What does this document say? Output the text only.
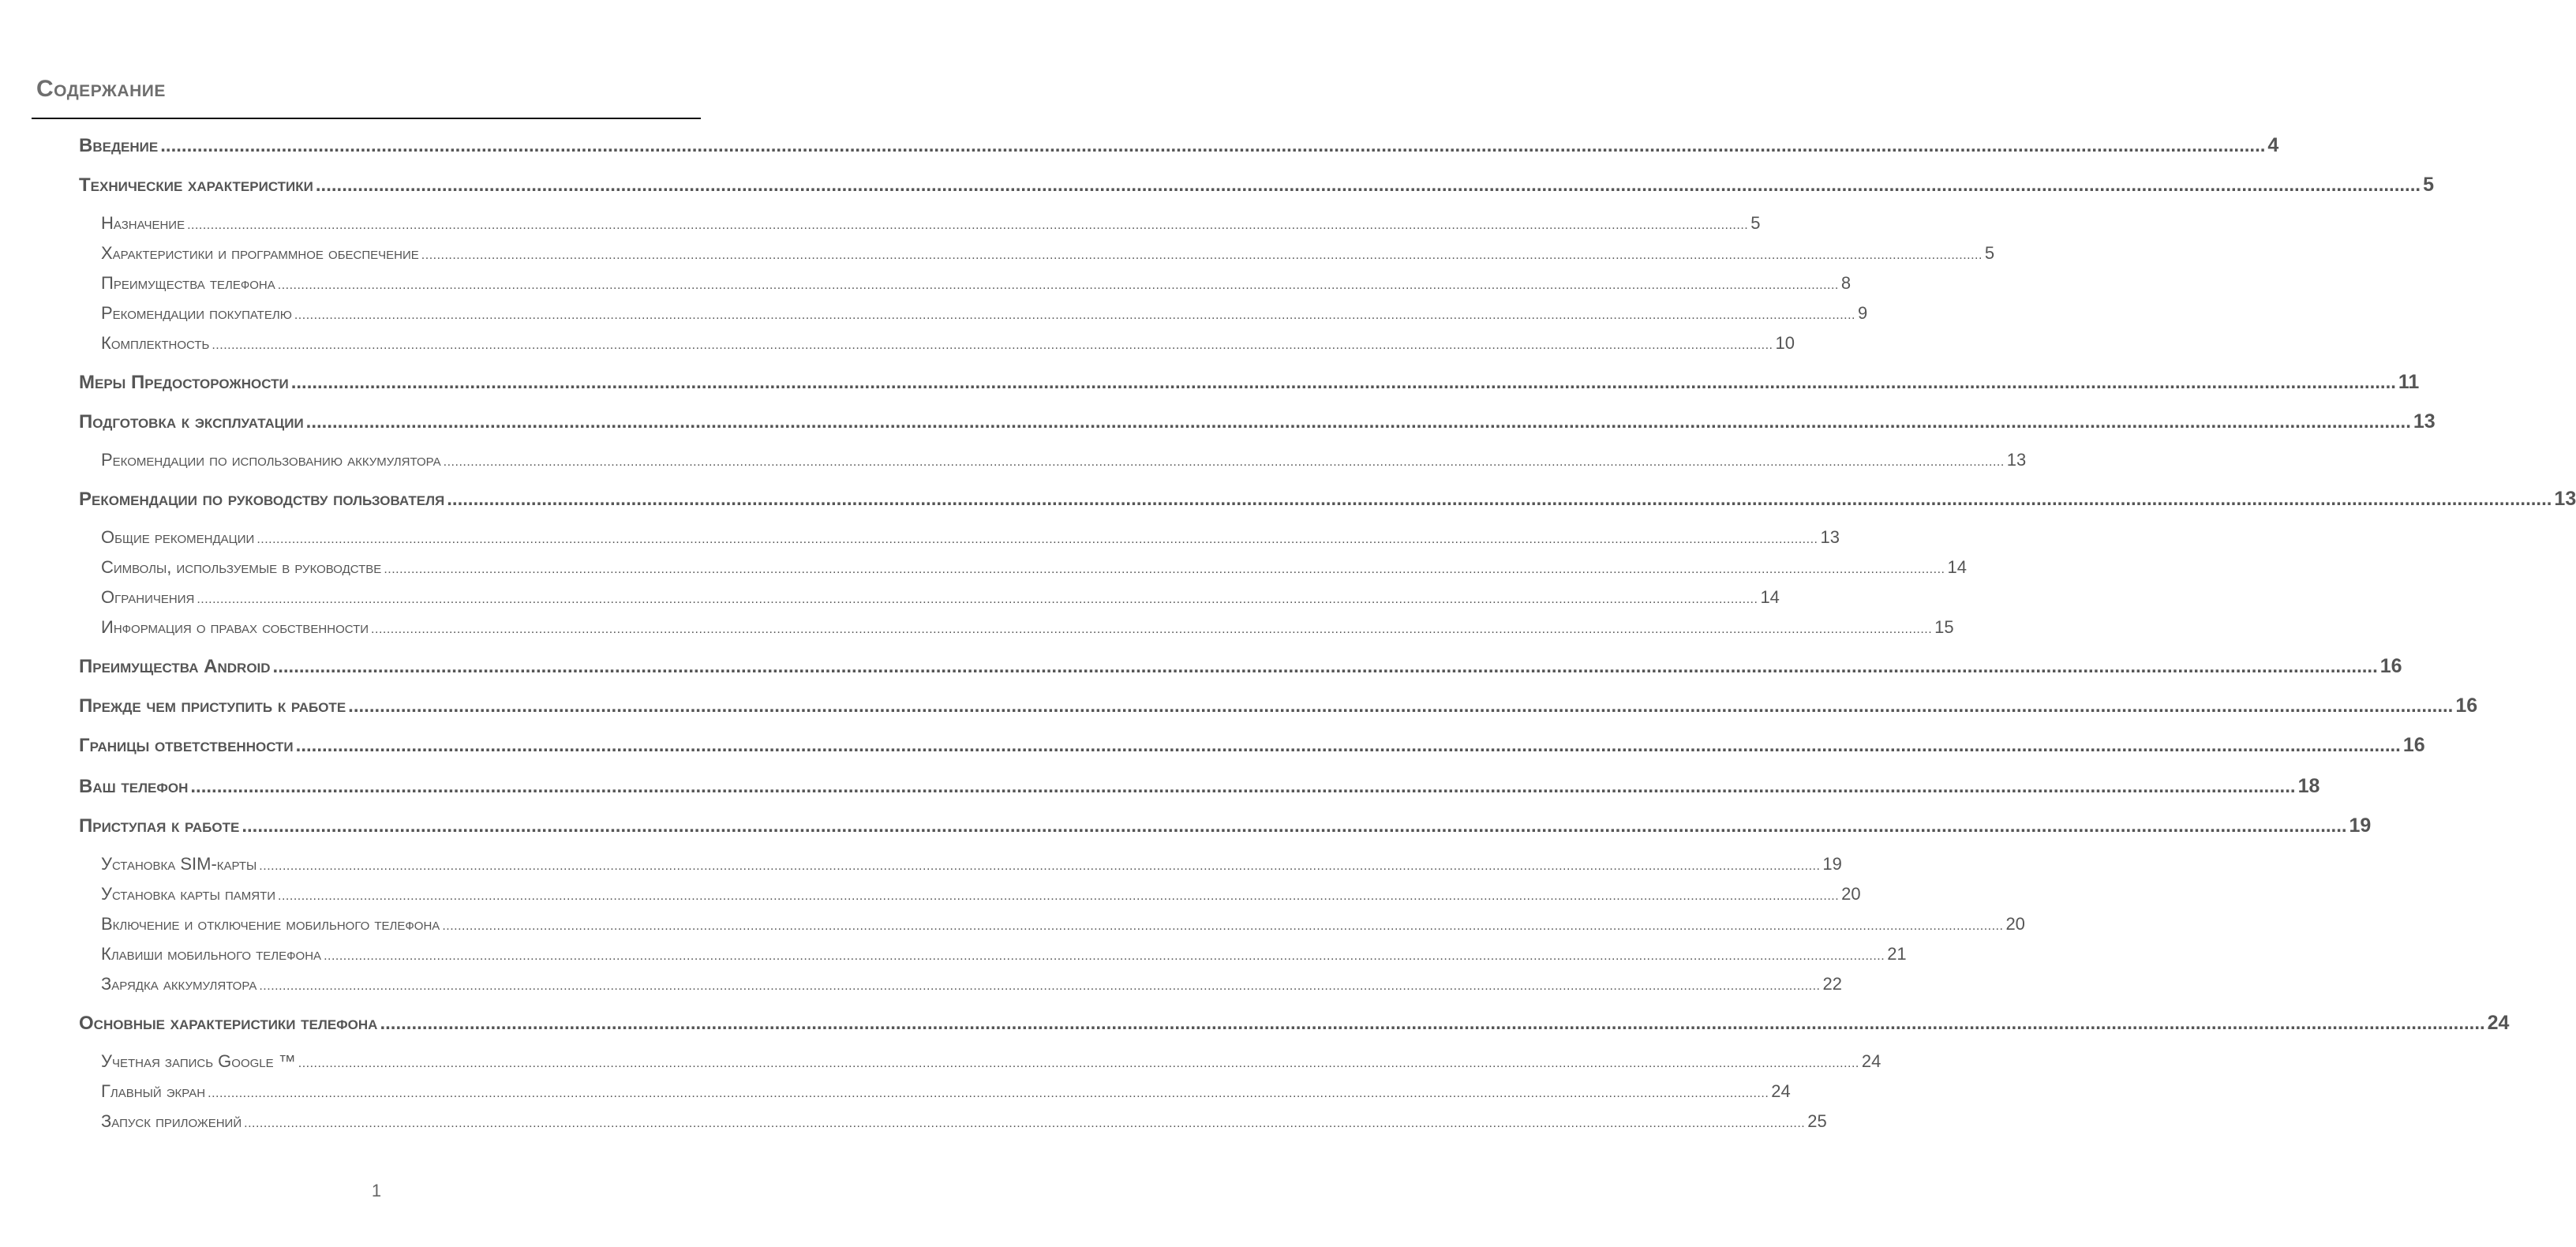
Содержание
Введение ................................................................................................................................................................................................................................................................................................................................................................................................................ 4
Технические характеристики ................................................................................................................................................................................................................................................................................................................................................................................................................ 5
Назначение ................................................................................................................................................................................................................................................................................................................................................................................................................ 5
Характеристики и программное обеспечение ................................................................................................................................................................................................................................................................................................................................................................................................................ 5
Преимущества телефона ................................................................................................................................................................................................................................................................................................................................................................................................................ 8
Рекомендации покупателю ................................................................................................................................................................................................................................................................................................................................................................................................................ 9
Комплектность ................................................................................................................................................................................................................................................................................................................................................................................................................ 10
Меры Предосторожности ................................................................................................................................................................................................................................................................................................................................................................................................................ 11
Подготовка к эксплуатации ................................................................................................................................................................................................................................................................................................................................................................................................................ 13
Рекомендации по использованию аккумулятора ................................................................................................................................................................................................................................................................................................................................................................................................................ 13
Рекомендации по руководству пользователя ................................................................................................................................................................................................................................................................................................................................................................................................................ 13
Общие рекомендации ................................................................................................................................................................................................................................................................................................................................................................................................................ 13
Символы, используемые в руководстве ................................................................................................................................................................................................................................................................................................................................................................................................................ 14
Ограничения ................................................................................................................................................................................................................................................................................................................................................................................................................ 14
Информация о правах собственности ................................................................................................................................................................................................................................................................................................................................................................................................................ 15
Преимущества Android ................................................................................................................................................................................................................................................................................................................................................................................................................ 16
Прежде чем приступить к работе ................................................................................................................................................................................................................................................................................................................................................................................................................ 16
Границы ответственности ................................................................................................................................................................................................................................................................................................................................................................................................................ 16
Ваш телефон ................................................................................................................................................................................................................................................................................................................................................................................................................ 18
Приступая к работе ................................................................................................................................................................................................................................................................................................................................................................................................................ 19
Установка SIM-карты ................................................................................................................................................................................................................................................................................................................................................................................................................ 19
Установка карты памяти ................................................................................................................................................................................................................................................................................................................................................................................................................ 20
Включение и отключение мобильного телефона ................................................................................................................................................................................................................................................................................................................................................................................................................ 20
Клавиши мобильного телефона ................................................................................................................................................................................................................................................................................................................................................................................................................ 21
Зарядка аккумулятора ................................................................................................................................................................................................................................................................................................................................................................................................................ 22
Основные характеристики телефона ................................................................................................................................................................................................................................................................................................................................................................................................................ 24
Учетная запись Google ™ ................................................................................................................................................................................................................................................................................................................................................................................................................ 24
Главный экран ................................................................................................................................................................................................................................................................................................................................................................................................................ 24
Запуск приложений ................................................................................................................................................................................................................................................................................................................................................................................................................ 25
1
